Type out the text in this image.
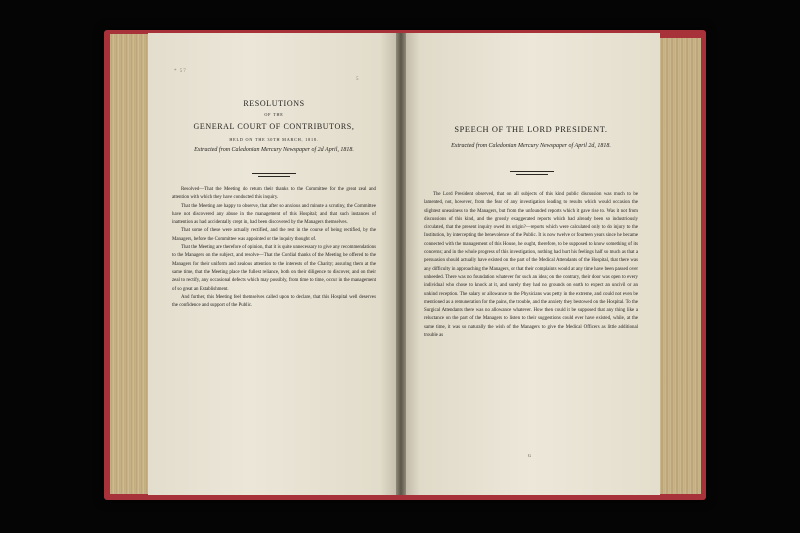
* 57
5
RESOLUTIONS
OF THE
GENERAL COURT OF CONTRIBUTORS,
HELD ON THE 30TH MARCH, 1818.
Extracted from Caledonian Mercury Newspaper of 2d April, 1818.

Resolved—That the Meeting do return their thanks to the Committee for the great zeal and attention with which they have conducted this inquiry.

That the Meeting are happy to observe, that after so anxious and minute a scrutiny, the Committee have not discovered any abuse in the management of this Hospital; and that such instances of inattention as had accidentally crept in, had been discovered by the Managers themselves.

That some of these were actually rectified, and the rest in the course of being rectified, by the Managers, before the Committee was appointed or the inquiry thought of.

That the Meeting are therefore of opinion, that it is quite unnecessary to give any recommendations to the Managers on the subject, and resolve—That the Cordial thanks of the Meeting be offered to the Managers for their uniform and zealous attention to the interests of the Charity; assuring them at the same time, that the Meeting place the fullest reliance, both on their diligence to discover, and on their zeal to rectify, any occasional defects which may possibly, from time to time, occur in the management of so great an Establishment.

And further, this Meeting feel themselves called upon to declare, that this Hospital well deserves the confidence and support of the Public.

SPEECH OF THE LORD PRESIDENT.
Extracted from Caledonian Mercury Newspaper of April 2d, 1818.

The Lord President observed, that on all subjects of this kind public discussion was much to be lamented, not, however, from the fear of any investigation leading to results which would occasion the slightest uneasiness to the Managers, but from the unfounded reports which it gave rise to. Was it not from discussions of this kind, and the grossly exaggerated reports which had already been so industriously circulated, that the present inquiry owed its origin?—reports which were calculated only to do injury to the Institution, by intercepting the benevolence of the Public. It is now twelve or fourteen years since he became connected with the management of this House, he ought, therefore, to be supposed to know something of its concerns; and in the whole progress of this investigation, nothing had hurt his feelings half so much as that a persuasion should actually have existed on the part of the Medical Attendants of the Hospital, that there was any difficulty in approaching the Managers, or that their complaints would at any time have been passed over unheeded. There was no foundation whatever for such an idea; on the contrary, their door was open to every individual who chose to knock at it, and surely they had no grounds on earth to expect an uncivil or an unkind reception. The salary or allowance to the Physicians was petty in the extreme, and could not even be mentioned as a remuneration for the pains, the trouble, and the anxiety they bestowed on the Hospital. To the Surgical Attendants there was no allowance whatever. How then could it be supposed that any thing like a reluctance on the part of the Managers to listen to their suggestions could ever have existed, while, at the same time, it was so naturally the wish of the Managers to give the Medical Officers as little additional trouble as

G
